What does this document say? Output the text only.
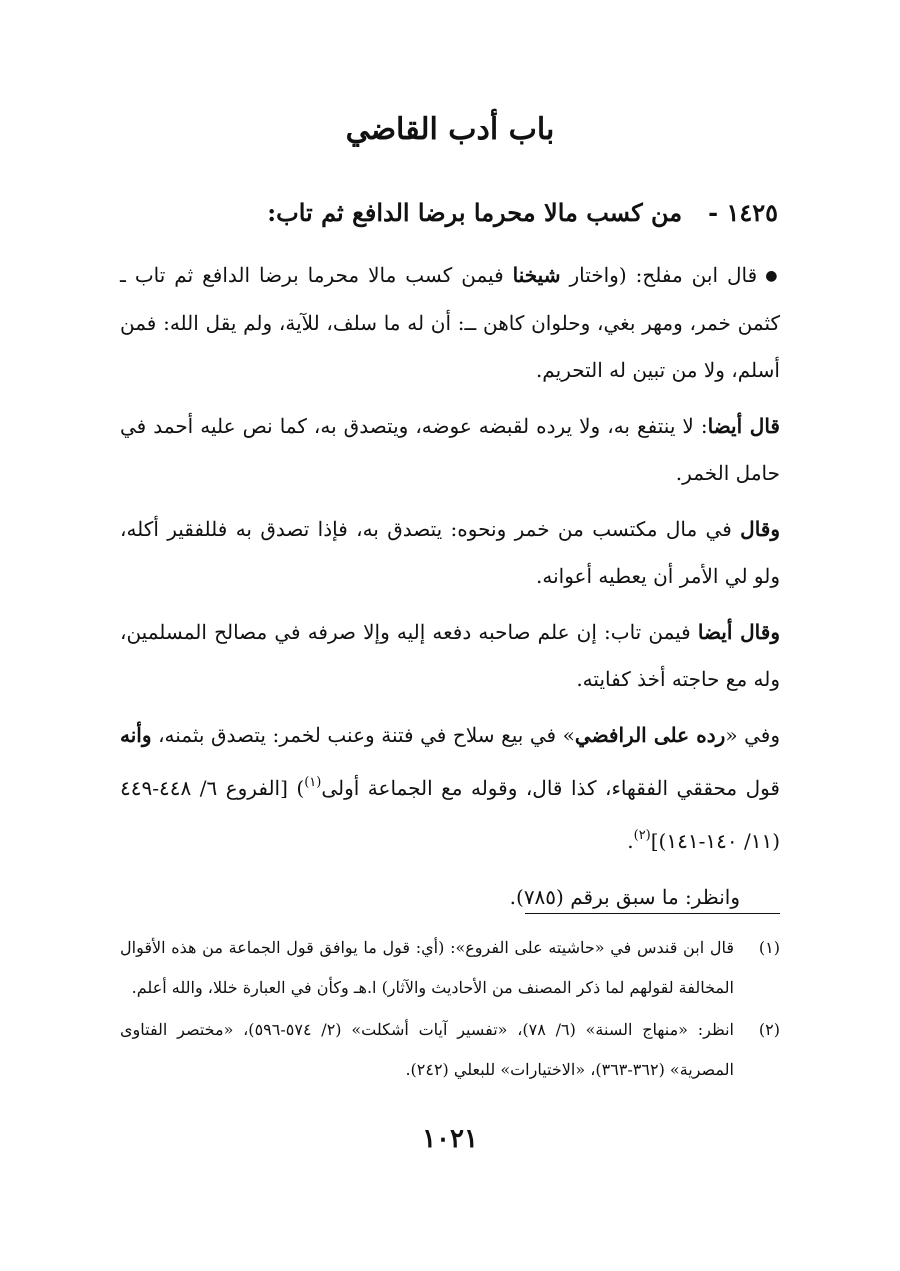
باب أدب القاضي
١٤٢٥ -من كسب مالا محرما برضا الدافع ثم تاب:

●قال ابن مفلح: (واختار شيخنا فيمن كسب مالا محرما برضا الدافع ثم تاب ـ كثمن خمر، ومهر بغي، وحلوان كاهن ــ: أن له ما سلف، للآية، ولم يقل الله: فمن أسلم، ولا من تبين له التحريم.

قال أيضا: لا ينتفع به، ولا يرده لقبضه عوضه، ويتصدق به، كما نص عليه أحمد في حامل الخمر.

وقال في مال مكتسب من خمر ونحوه: يتصدق به، فإذا تصدق به فللفقير أكله، ولو لي الأمر أن يعطيه أعوانه.

وقال أيضا فيمن تاب: إن علم صاحبه دفعه إليه وإلا صرفه في مصالح المسلمين، وله مع حاجته أخذ كفايته.

وفي «رده على الرافضي» في بيع سلاح في فتنة وعنب لخمر: يتصدق بثمنه، وأنه قول محققي الفقهاء، كذا قال، وقوله مع الجماعة أولى$^{(١)}$) [الفروع ٦/ ٤٤٨-٤٤٩ (١١/ ١٤٠-١٤١)]$^{(٢)}$.

وانظر: ما سبق برقم (٧٨٥).

(١)
قال ابن قندس في «حاشيته على الفروع»: (أي: قول ما يوافق قول الجماعة من هذه الأقوال المخالفة لقولهم لما ذكر المصنف من الأحاديث والآثار) ا.هـ وكأن في العبارة خللا، والله أعلم.
(٢)
انظر: «منهاج السنة» (٦/ ٧٨)، «تفسير آيات أشكلت» (٢/ ٥٧٤-٥٩٦)، «مختصر الفتاوى المصرية» (٣٦٢-٣٦٣)، «الاختيارات» للبعلي (٢٤٢).
١٠٢١
